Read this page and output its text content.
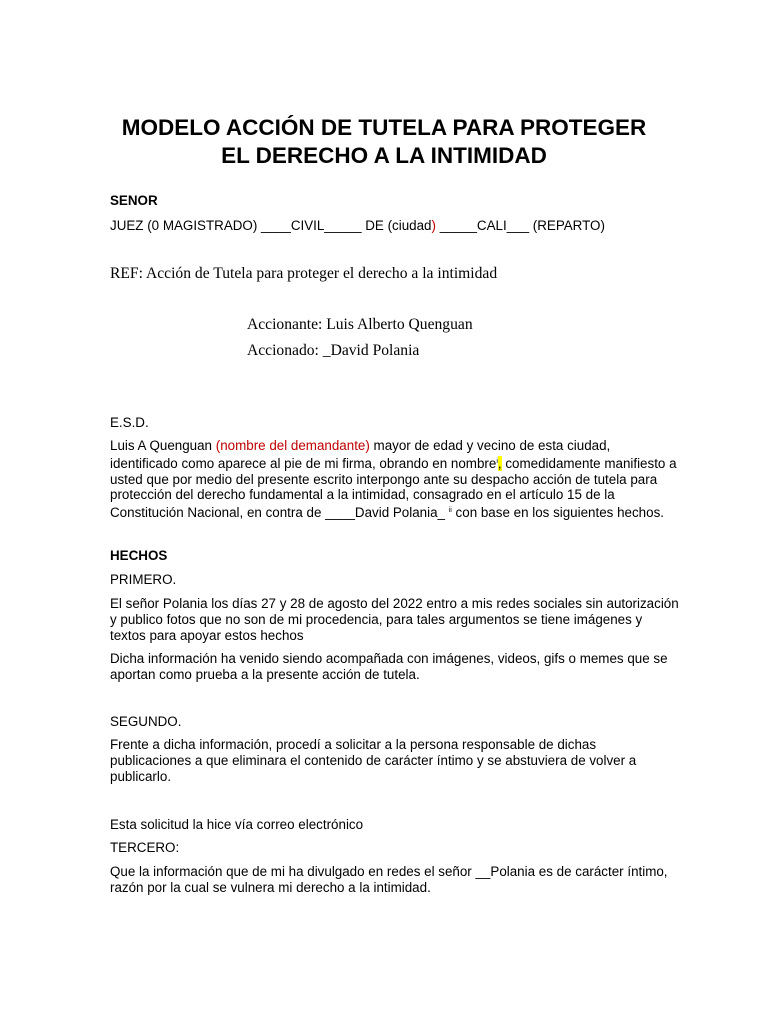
MODELO ACCIÓN DE TUTELA PARA PROTEGER
EL DERECHO A LA INTIMIDAD
SENOR
JUEZ (0 MAGISTRADO) ____CIVIL_____ DE (ciudad) _____CALI___ (REPARTO)
REF: Acción de Tutela para proteger el derecho a la intimidad
Accionante: Luis Alberto Quenguan
Accionado: _David Polania
E.S.D.
Luis A Quenguan (nombre del demandante) mayor de edad y vecino de esta ciudad,
identificado como aparece al pie de mi firma, obrando en nombre , comedidamente manifiesto a
usted que por medio del presente escrito interpongo ante su despacho acción de tutela para
protección del derecho fundamental a la intimidad, consagrado en el artículo 15 de la
Constitución Nacional, en contra de ____David Polania_ $^{ii}$ con base en los siguientes hechos.
HECHOS
PRIMERO.
El señor Polania los días 27 y 28 de agosto del 2022 entro a mis redes sociales sin autorización
y publico fotos que no son de mi procedencia, para tales argumentos se tiene imágenes y
textos para apoyar estos hechos
Dicha información ha venido siendo acompañada con imágenes, videos, gifs o memes que se
aportan como prueba a la presente acción de tutela.
SEGUNDO.
Frente a dicha información, procedí a solicitar a la persona responsable de dichas
publicaciones a que eliminara el contenido de carácter íntimo y se abstuviera de volver a
publicarlo.
Esta solicitud la hice vía correo electrónico
TERCERO:
Que la información que de mi ha divulgado en redes el señor __Polania es de carácter íntimo,
razón por la cual se vulnera mi derecho a la intimidad.
